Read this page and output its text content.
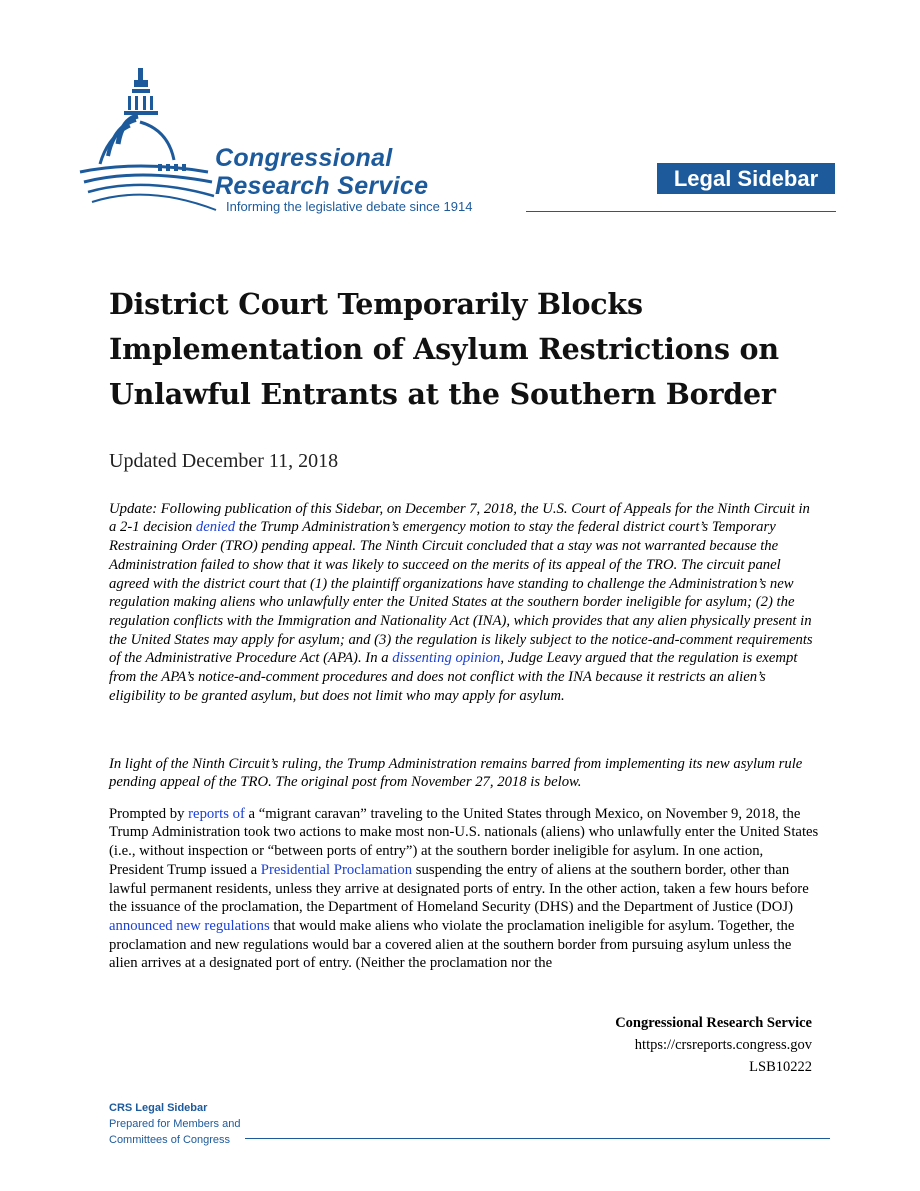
Congressional
Research Service
Informing the legislative debate since 1914
Legal Sidebar
District Court Temporarily Blocks Implementation of Asylum Restrictions on Unlawful Entrants at the Southern Border
Updated December 11, 2018

Update: Following publication of this Sidebar, on December 7, 2018, the U.S. Court of Appeals for the Ninth Circuit in a 2-1 decision denied the Trump Administration’s emergency motion to stay the federal district court’s Temporary Restraining Order (TRO) pending appeal. The Ninth Circuit concluded that a stay was not warranted because the Administration failed to show that it was likely to succeed on the merits of its appeal of the TRO. The circuit panel agreed with the district court that (1) the plaintiff organizations have standing to challenge the Administration’s new regulation making aliens who unlawfully enter the United States at the southern border ineligible for asylum; (2) the regulation conflicts with the Immigration and Nationality Act (INA), which provides that any alien physically present in the United States may apply for asylum; and (3) the regulation is likely subject to the notice-and-comment requirements of the Administrative Procedure Act (APA). In a dissenting opinion, Judge Leavy argued that the regulation is exempt from the APA’s notice-and-comment procedures and does not conflict with the INA because it restricts an alien’s eligibility to be granted asylum, but does not limit who may apply for asylum.

In light of the Ninth Circuit’s ruling, the Trump Administration remains barred from implementing its new asylum rule pending appeal of the TRO. The original post from November 27, 2018 is below.

Prompted by reports of a “migrant caravan” traveling to the United States through Mexico, on November 9, 2018, the Trump Administration took two actions to make most non-U.S. nationals (aliens) who unlawfully enter the United States (i.e., without inspection or “between ports of entry”) at the southern border ineligible for asylum. In one action, President Trump issued a Presidential Proclamation suspending the entry of aliens at the southern border, other than lawful permanent residents, unless they arrive at designated ports of entry. In the other action, taken a few hours before the issuance of the proclamation, the Department of Homeland Security (DHS) and the Department of Justice (DOJ) announced new regulations that would make aliens who violate the proclamation ineligible for asylum. Together, the proclamation and new regulations would bar a covered alien at the southern border from pursuing asylum unless the alien arrives at a designated port of entry. (Neither the proclamation nor the

Congressional Research Service
https://crsreports.congress.gov
LSB10222
CRS Legal Sidebar
Prepared for Members and
Committees of Congress
